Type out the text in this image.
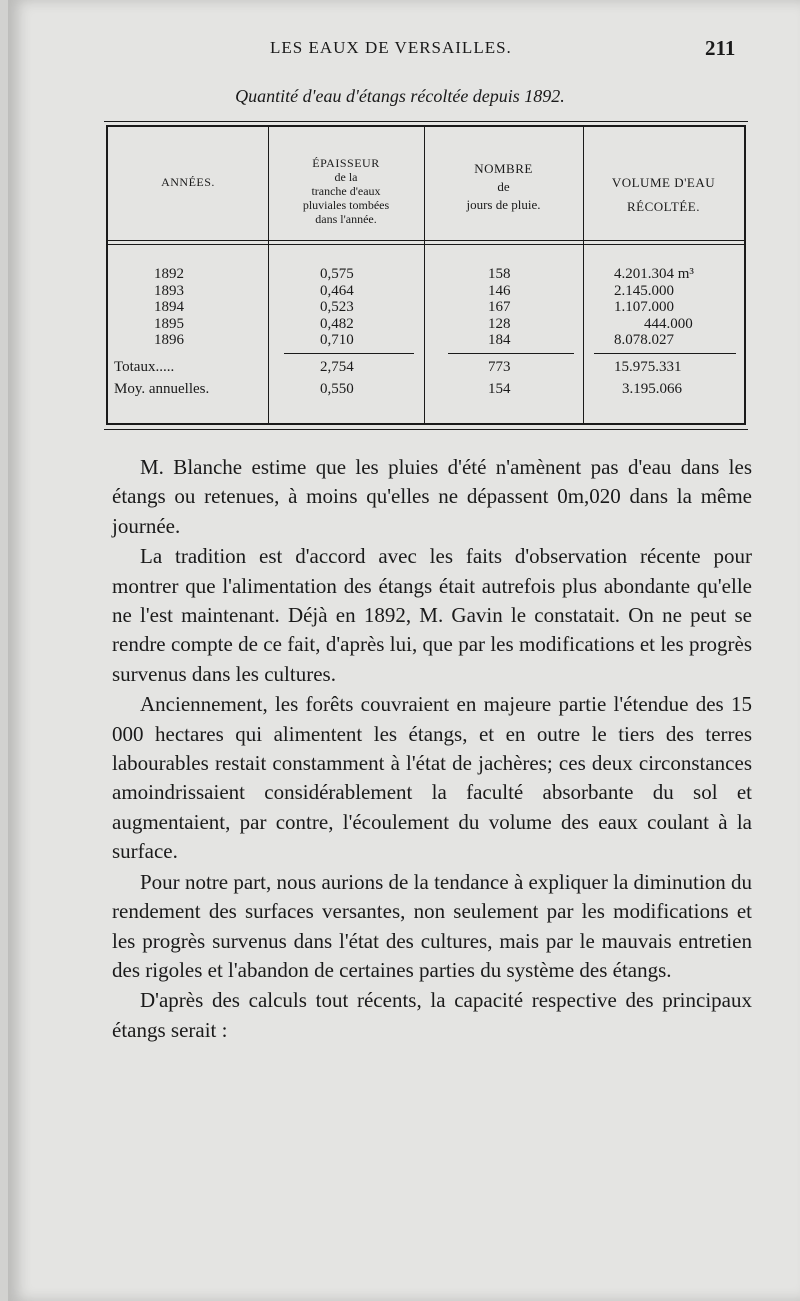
LES EAUX DE VERSAILLES.	211
Quantité d'eau d'étangs récoltée depuis 1892.
ANNÉES.
ÉPAISSEUR
de la
tranche d'eaux
pluviales tombées
dans l'année.
NOMBRE
de
jours de pluie.
VOLUME D'EAU
RÉCOLTÉE.
1892
1893
1894
1895
1896
0,575
0,464
0,523
0,482
0,710
158
146
167
128
184
4.201.304 m³
2.145.000
1.107.000
444.000
8.078.027
Totaux.....
Moy. annuelles.
2,754
0,550
773
154
15.975.331
3.195.066

M. Blanche estime que les pluies d'été n'amènent pas d'eau dans les étangs ou retenues, à moins qu'elles ne dépassent 0m,020 dans la même journée.

La tradition est d'accord avec les faits d'observation récente pour montrer que l'alimentation des étangs était autrefois plus abondante qu'elle ne l'est maintenant. Déjà en 1892, M. Gavin le constatait. On ne peut se rendre compte de ce fait, d'après lui, que par les modifications et les progrès survenus dans les cultures.

Anciennement, les forêts couvraient en majeure partie l'étendue des 15 000 hectares qui alimentent les étangs, et en outre le tiers des terres labourables restait constamment à l'état de jachères; ces deux circonstances amoindrissaient considérablement la faculté absorbante du sol et augmentaient, par contre, l'écoulement du volume des eaux coulant à la surface.

Pour notre part, nous aurions de la tendance à expliquer la diminution du rendement des surfaces versantes, non seulement par les modifications et les progrès survenus dans l'état des cultures, mais par le mauvais entretien des rigoles et l'abandon de certaines parties du système des étangs.

D'après des calculs tout récents, la capacité respective des principaux étangs serait :
